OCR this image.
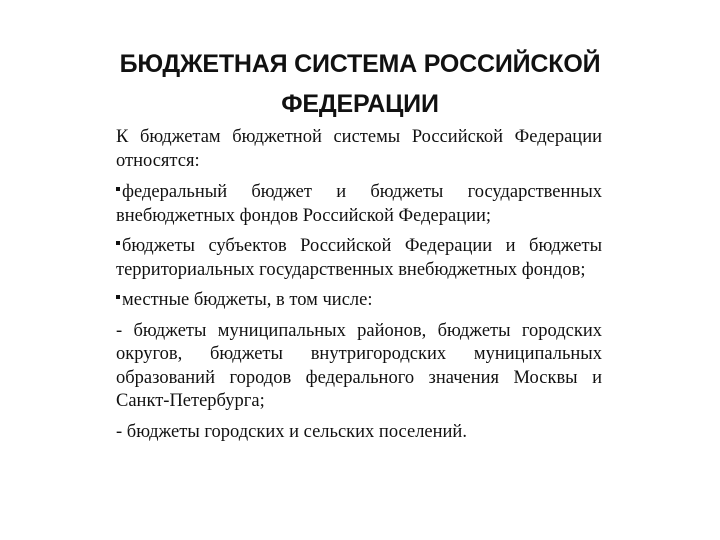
БЮДЖЕТНАЯ СИСТЕМА РОССИЙСКОЙ
ФЕДЕРАЦИИ
К бюджетам бюджетной системы Российской Федерации относятся:
федеральный бюджет и бюджеты государственных внебюджетных фондов Российской Федерации;
бюджеты субъектов Российской Федерации и бюджеты территориальных государственных внебюджетных фондов;
местные бюджеты, в том числе:
- бюджеты муниципальных районов, бюджеты городских округов, бюджеты внутригородских муниципальных образований городов федерального значения Москвы и Санкт-Петербурга;
- бюджеты городских и сельских поселений.
